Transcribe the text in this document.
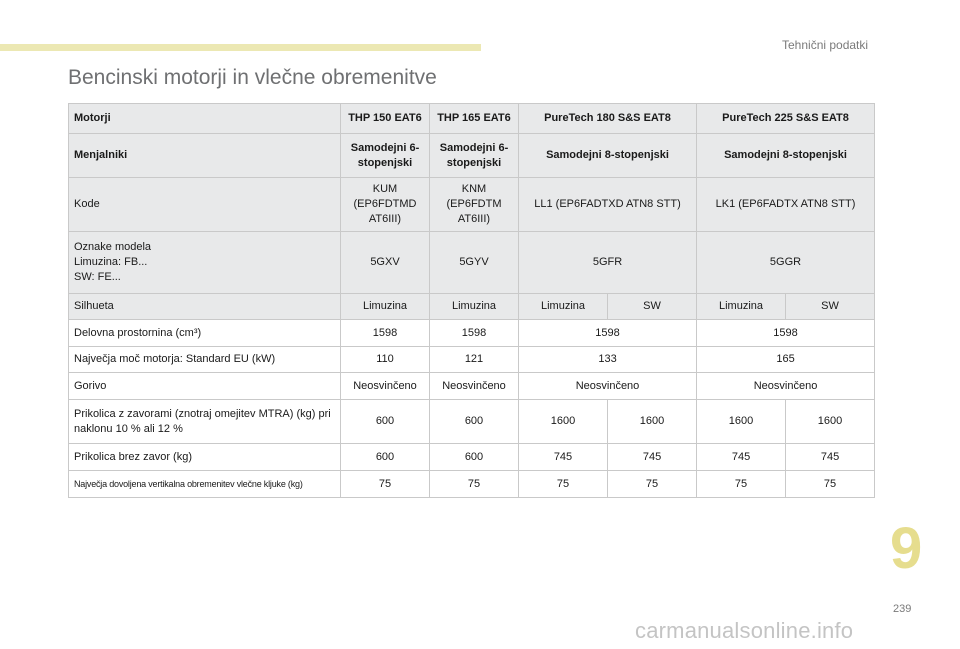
Tehnični podatki
Bencinski motorji in vlečne obremenitve
Motorji	THP 150 EAT6	THP 165 EAT6	PureTech 180 S&S EAT8		PureTech 225 S&S EAT8	
Menjalniki	Samodejni 6-stopenjski	Samodejni 6-stopenjski	Samodejni 8-stopenjski		Samodejni 8-stopenjski	
Kode	KUM (EP6FDTMD AT6III)	KNM (EP6FDTM AT6III)	LL1 (EP6FADTXD ATN8 STT)		LK1 (EP6FADTX ATN8 STT)	
Oznake modela
Limuzina: FB...
SW: FE...	5GXV	5GYV	5GFR		5GGR	
Silhueta	Limuzina	Limuzina	Limuzina	SW	Limuzina	SW
Delovna prostornina (cm³)	1598	1598	1598		1598	
Največja moč motorja: Standard EU (kW)	110	121	133		165	
Gorivo	Neosvinčeno	Neosvinčeno	Neosvinčeno		Neosvinčeno	
Prikolica z zavorami (znotraj omejitev MTRA) (kg) pri naklonu 10 % ali 12 %	600	600	1600	1600	1600	1600
Prikolica brez zavor (kg)	600	600	745	745	745	745
Največja dovoljena vertikalna obremenitev vlečne kljuke (kg)	75	75	75	75	75	75
9
239
carmanualsonline.info
